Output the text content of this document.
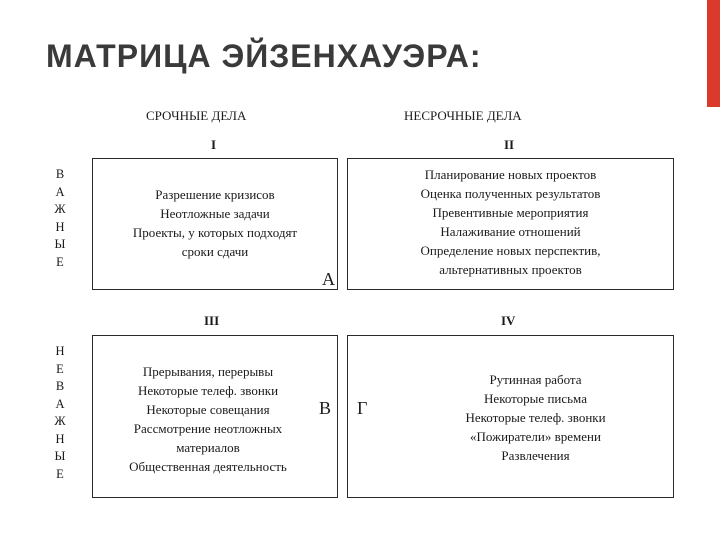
МАТРИЦА ЭЙЗЕНХАУЭРА:
СРОЧНЫЕ ДЕЛА	НЕСРОЧНЫЕ ДЕЛА
В
А
Ж
Н
Ы
Е
Н
Е
В
А
Ж
Н
Ы
Е
I
Разрешение кризисов
Неотложные задачи
Проекты, у которых подходят
сроки сдачи
А
II
Планирование новых проектов
Оценка полученных результатов
Превентивные мероприятия
Налаживание отношений
Определение новых перспектив,
альтернативных проектов
III
Прерывания, перерывы
Некоторые телеф. звонки
Некоторые совещания
Рассмотрение неотложных
материалов
Общественная деятельность
В
IV
Рутинная работа
Некоторые письма
Некоторые телеф. звонки
«Пожиратели» времени
Развлечения
Г
